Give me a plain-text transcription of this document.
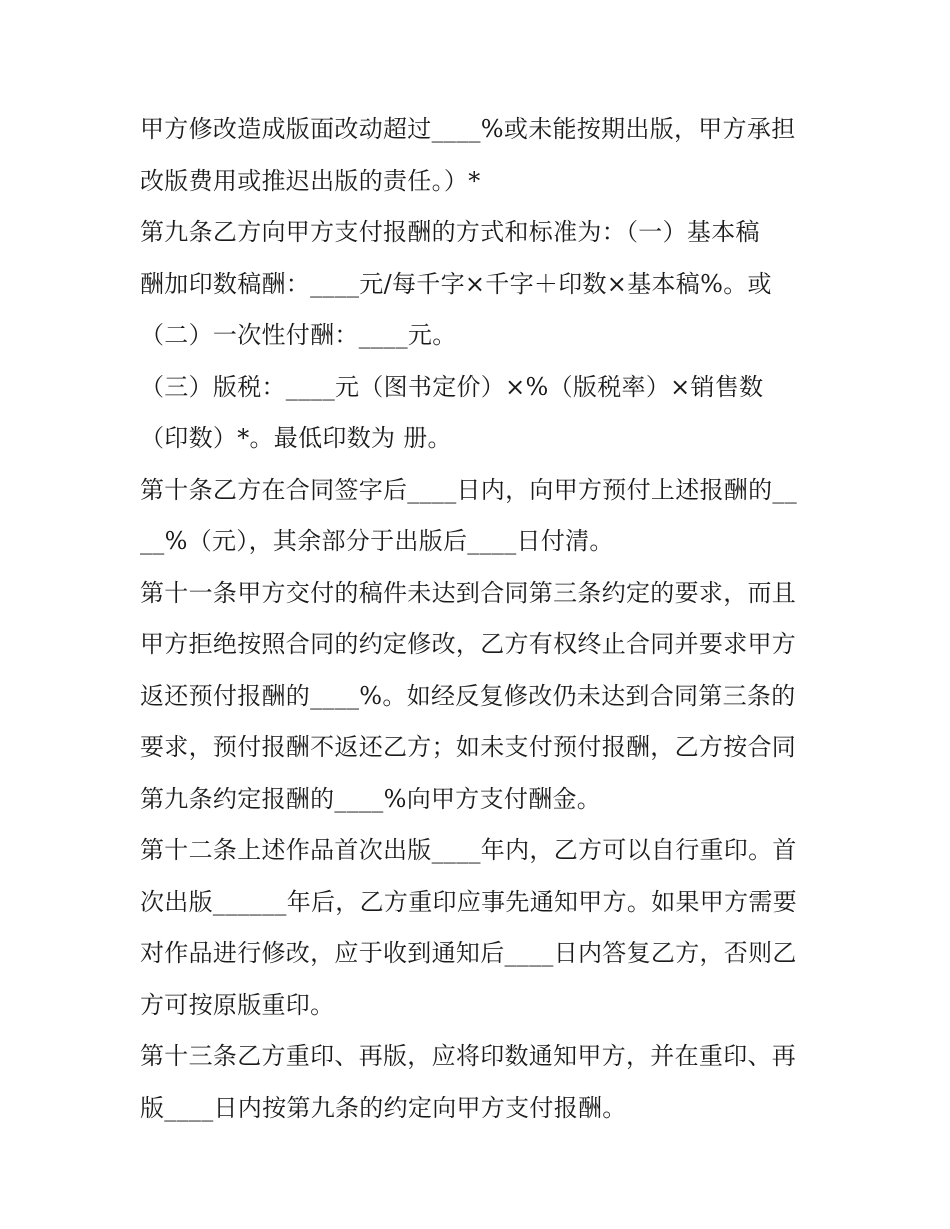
甲方修改造成版面改动超过____%或未能按期出版，甲方承担
改版费用或推迟出版的责任。）*
第九条乙方向甲方支付报酬的方式和标准为：（一）基本稿
酬加印数稿酬：____元/每千字×千字＋印数×基本稿%。或
（二）一次性付酬：____元。
（三）版税：____元（图书定价）×%（版税率）×销售数
（印数）*。最低印数为 册。
第十条乙方在合同签字后____日内，向甲方预付上述报酬的__
__%（元），其余部分于出版后____日付清。
第十一条甲方交付的稿件未达到合同第三条约定的要求，而且
甲方拒绝按照合同的约定修改，乙方有权终止合同并要求甲方
返还预付报酬的____%。如经反复修改仍未达到合同第三条的
要求，预付报酬不返还乙方；如未支付预付报酬，乙方按合同
第九条约定报酬的____%向甲方支付酬金。
第十二条上述作品首次出版____年内，乙方可以自行重印。首
次出版______年后，乙方重印应事先通知甲方。如果甲方需要
对作品进行修改，应于收到通知后____日内答复乙方，否则乙
方可按原版重印。
第十三条乙方重印、再版，应将印数通知甲方，并在重印、再
版____日内按第九条的约定向甲方支付报酬。
